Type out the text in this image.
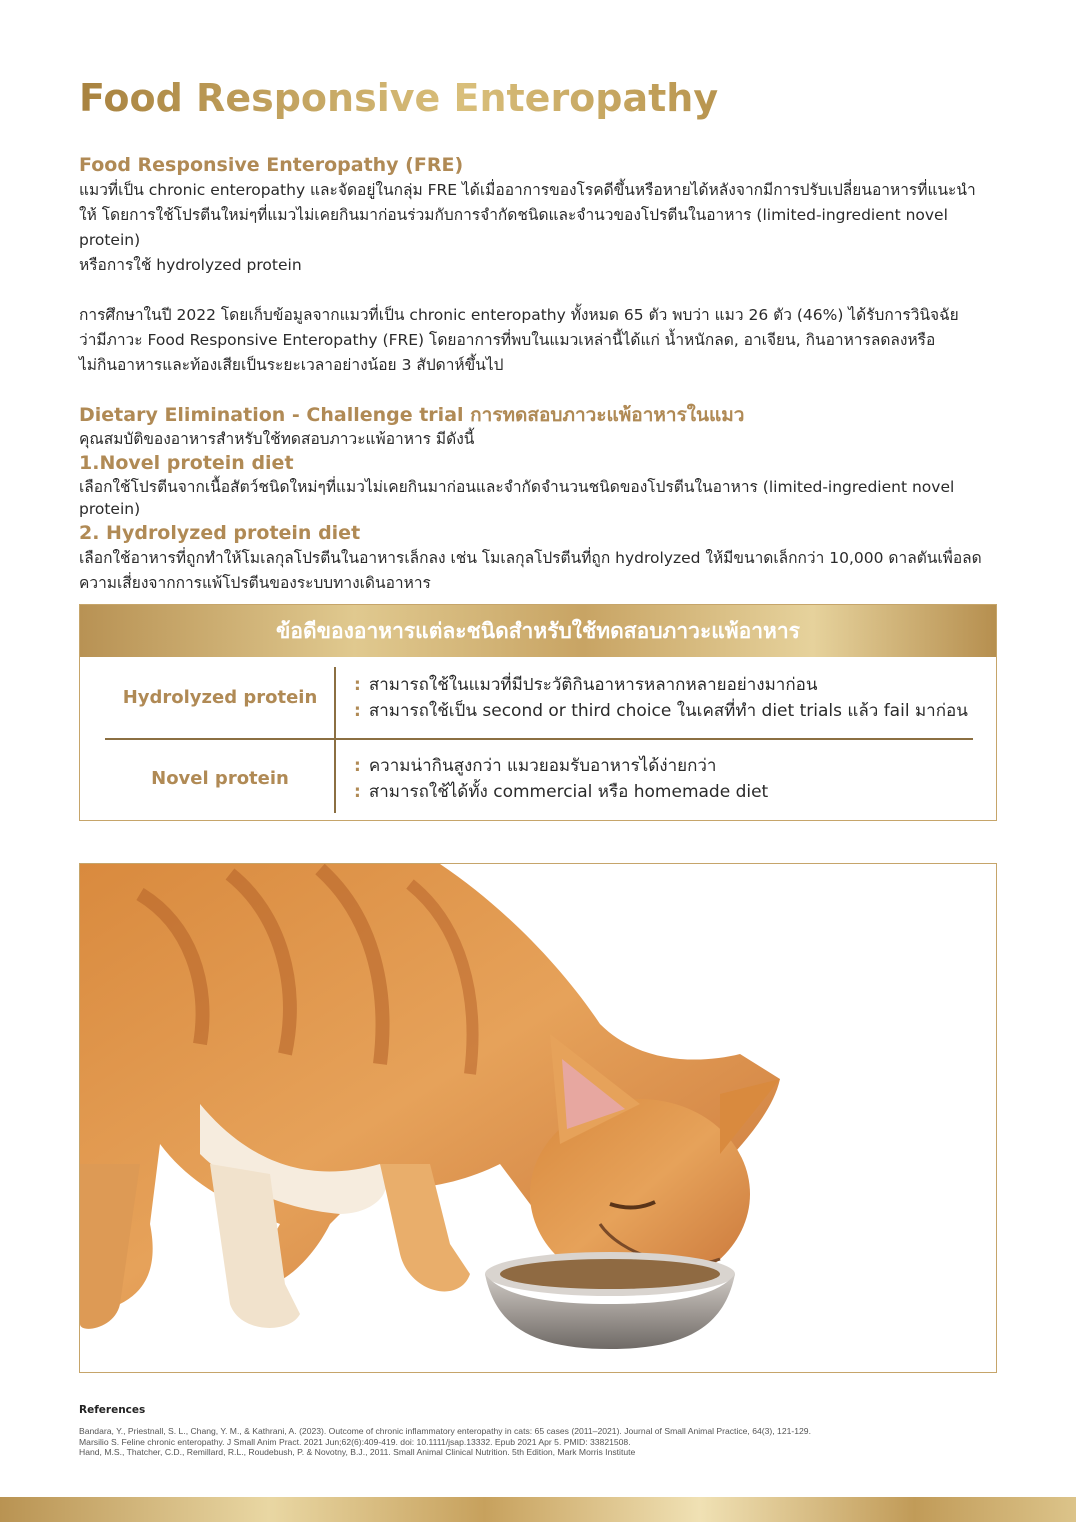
Food Responsive Enteropathy
Food Responsive Enteropathy (FRE)

แมวที่เป็น chronic enteropathy และจัดอยู่ในกลุ่ม FRE ได้เมื่ออาการของโรคดีขึ้นหรือหายได้หลังจากมีการปรับเปลี่ยนอาหารที่แนะนำ

ให้ โดยการใช้โปรตีนใหม่ๆที่แมวไม่เคยกินมาก่อนร่วมกับการจำกัดชนิดและจำนวของโปรตีนในอาหาร (limited-ingredient novel protein)

หรือการใช้ hydrolyzed protein

การศึกษาในปี 2022 โดยเก็บข้อมูลจากแมวที่เป็น chronic enteropathy ทั้งหมด 65 ตัว พบว่า แมว 26 ตัว (46%) ได้รับการวินิจฉัย

ว่ามีภาวะ Food Responsive Enteropathy (FRE) โดยอาการที่พบในแมวเหล่านี้ได้แก่ น้ำหนักลด, อาเจียน, กินอาหารลดลงหรือ

ไม่กินอาหารและท้องเสียเป็นระยะเวลาอย่างน้อย 3 สัปดาห์ขึ้นไป

Dietary Elimination - Challenge trial การทดสอบภาวะแพ้อาหารในแมว

คุณสมบัติของอาหารสำหรับใช้ทดสอบภาวะแพ้อาหาร มีดังนี้

1.Novel protein diet

เลือกใช้โปรตีนจากเนื้อสัตว์ชนิดใหม่ๆที่แมวไม่เคยกินมาก่อนและจำกัดจำนวนชนิดของโปรตีนในอาหาร (limited-ingredient novel protein)

2. Hydrolyzed protein diet

เลือกใช้อาหารที่ถูกทำให้โมเลกุลโปรตีนในอาหารเล็กลง เช่น โมเลกุลโปรตีนที่ถูก hydrolyzed ให้มีขนาดเล็กกว่า 10,000 ดาลตันเพื่อลด

ความเสี่ยงจากการแพ้โปรตีนของระบบทางเดินอาหาร

ข้อดีของอาหารแต่ละชนิดสำหรับใช้ทดสอบภาวะแพ้อาหาร
Hydrolyzed protein
: สามารถใช้ในแมวที่มีประวัติกินอาหารหลากหลายอย่างมาก่อน
: สามารถใช้เป็น second or third choice ในเคสที่ทำ diet trials แล้ว fail มาก่อน
Novel protein
: ความน่ากินสูงกว่า แมวยอมรับอาหารได้ง่ายกว่า
: สามารถใช้ได้ทั้ง commercial หรือ homemade diet

References

Bandara, Y., Priestnall, S. L., Chang, Y. M., & Kathrani, A. (2023). Outcome of chronic inflammatory enteropathy in cats: 65 cases (2011–2021). Journal of Small Animal Practice, 64(3), 121-129.
Marsilio S. Feline chronic enteropathy. J Small Anim Pract. 2021 Jun;62(6):409-419. doi: 10.1111/jsap.13332. Epub 2021 Apr 5. PMID: 33821508.
Hand, M.S., Thatcher, C.D., Remillard, R.L., Roudebush, P. & Novotny, B.J., 2011. Small Animal Clinical Nutrition. 5th Edition, Mark Morris Institute
